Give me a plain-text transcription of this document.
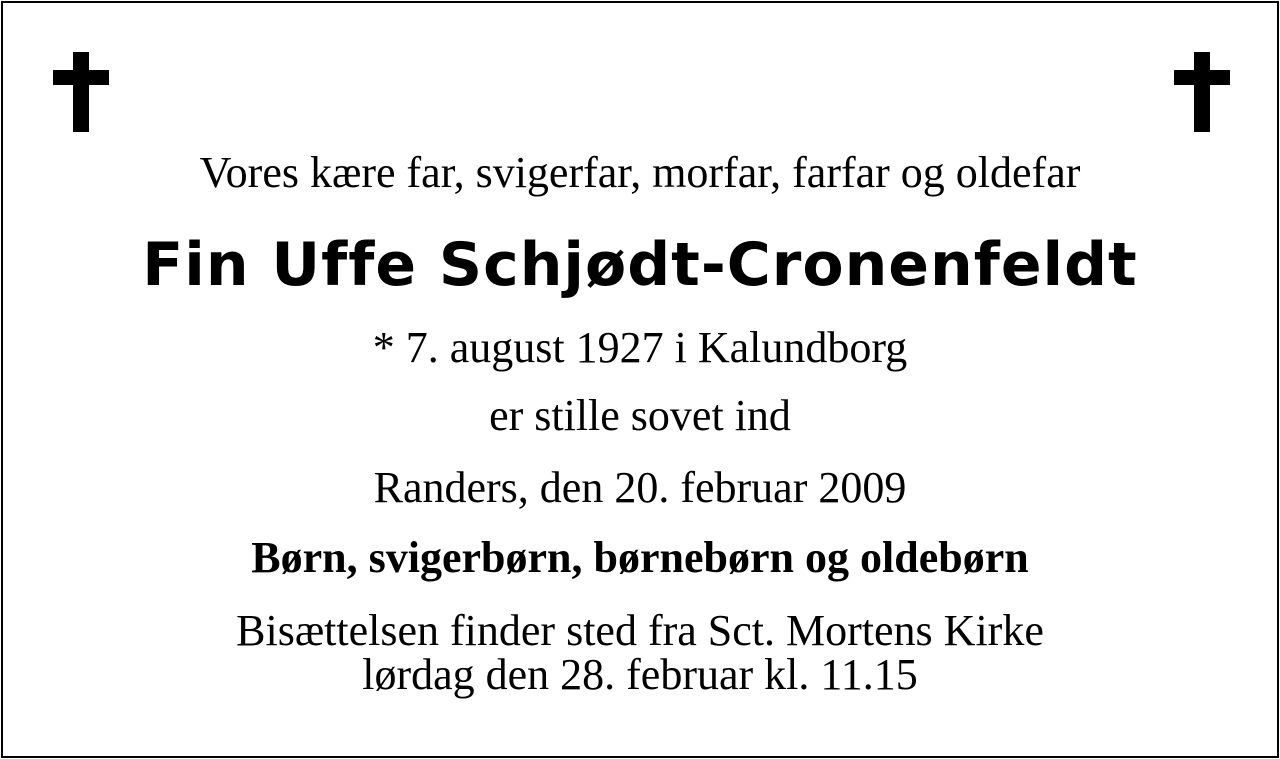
Vores kære far, svigerfar, morfar, farfar og oldefar
Fin Uffe Schjødt-Cronenfeldt
* 7. august 1927 i Kalundborg
er stille sovet ind
Randers, den 20. februar 2009
Børn, svigerbørn, børnebørn og oldebørn
Bisættelsen finder sted fra Sct. Mortens Kirke
lørdag den 28. februar kl. 11.15
